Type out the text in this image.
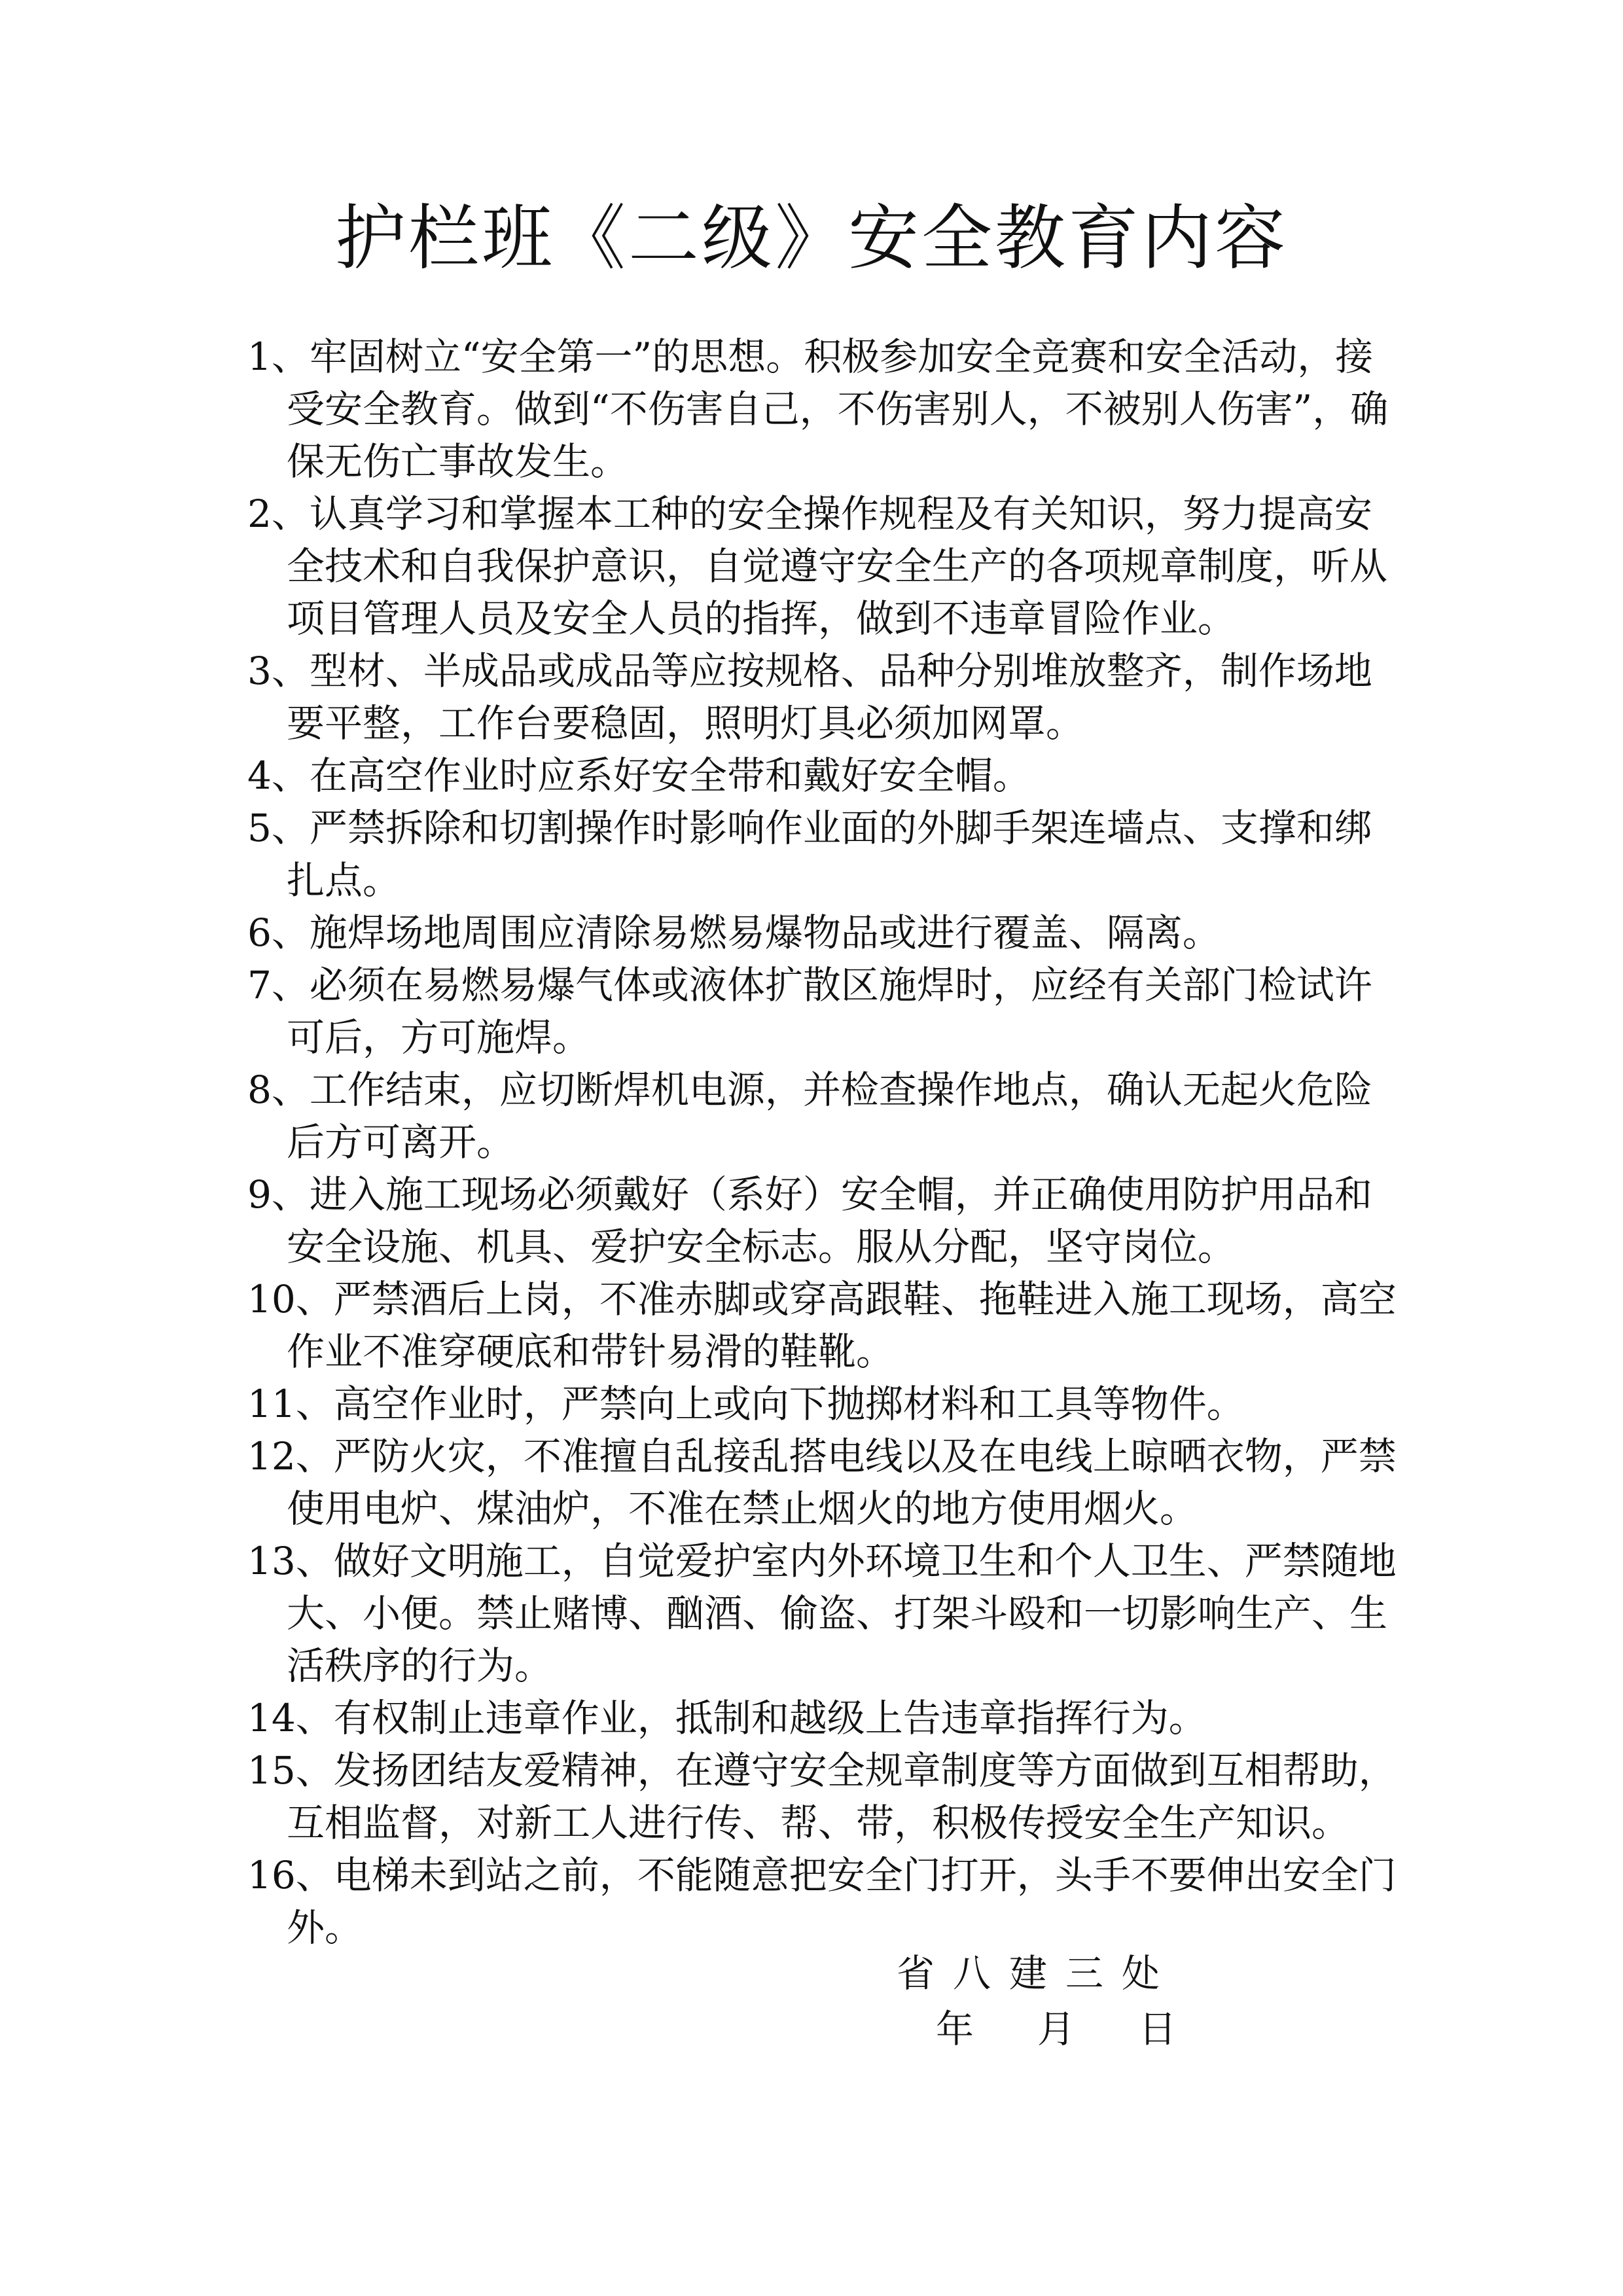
护栏班《二级》安全教育内容
1、牢固树立“安全第一”的思想。积极参加安全竞赛和安全活动，接受安全教育。做到“不伤害自己，不伤害别人，不被别人伤害”，确保无伤亡事故发生。
2、认真学习和掌握本工种的安全操作规程及有关知识，努力提高安全技术和自我保护意识，自觉遵守安全生产的各项规章制度，听从项目管理人员及安全人员的指挥，做到不违章冒险作业。
3、型材、半成品或成品等应按规格、品种分别堆放整齐，制作场地要平整，工作台要稳固，照明灯具必须加网罩。
4、在高空作业时应系好安全带和戴好安全帽。
5、严禁拆除和切割操作时影响作业面的外脚手架连墙点、支撑和绑扎点。
6、施焊场地周围应清除易燃易爆物品或进行覆盖、隔离。
7、必须在易燃易爆气体或液体扩散区施焊时，应经有关部门检试许可后，方可施焊。
8、工作结束，应切断焊机电源，并检查操作地点，确认无起火危险后方可离开。
9、进入施工现场必须戴好（系好）安全帽，并正确使用防护用品和安全设施、机具、爱护安全标志。服从分配，坚守岗位。
10、严禁酒后上岗，不准赤脚或穿高跟鞋、拖鞋进入施工现场，高空作业不准穿硬底和带针易滑的鞋靴。
11、高空作业时，严禁向上或向下抛掷材料和工具等物件。
12、严防火灾，不准擅自乱接乱搭电线以及在电线上晾晒衣物，严禁使用电炉、煤油炉，不准在禁止烟火的地方使用烟火。
13、做好文明施工，自觉爱护室内外环境卫生和个人卫生、严禁随地大、小便。禁止赌博、酗酒、偷盗、打架斗殴和一切影响生产、生活秩序的行为。
14、有权制止违章作业，抵制和越级上告违章指挥行为。
15、发扬团结友爱精神，在遵守安全规章制度等方面做到互相帮助，互相监督，对新工人进行传、帮、带，积极传授安全生产知识。
16、电梯未到站之前，不能随意把安全门打开，头手不要伸出安全门外。
省八建三处
年  月  日
